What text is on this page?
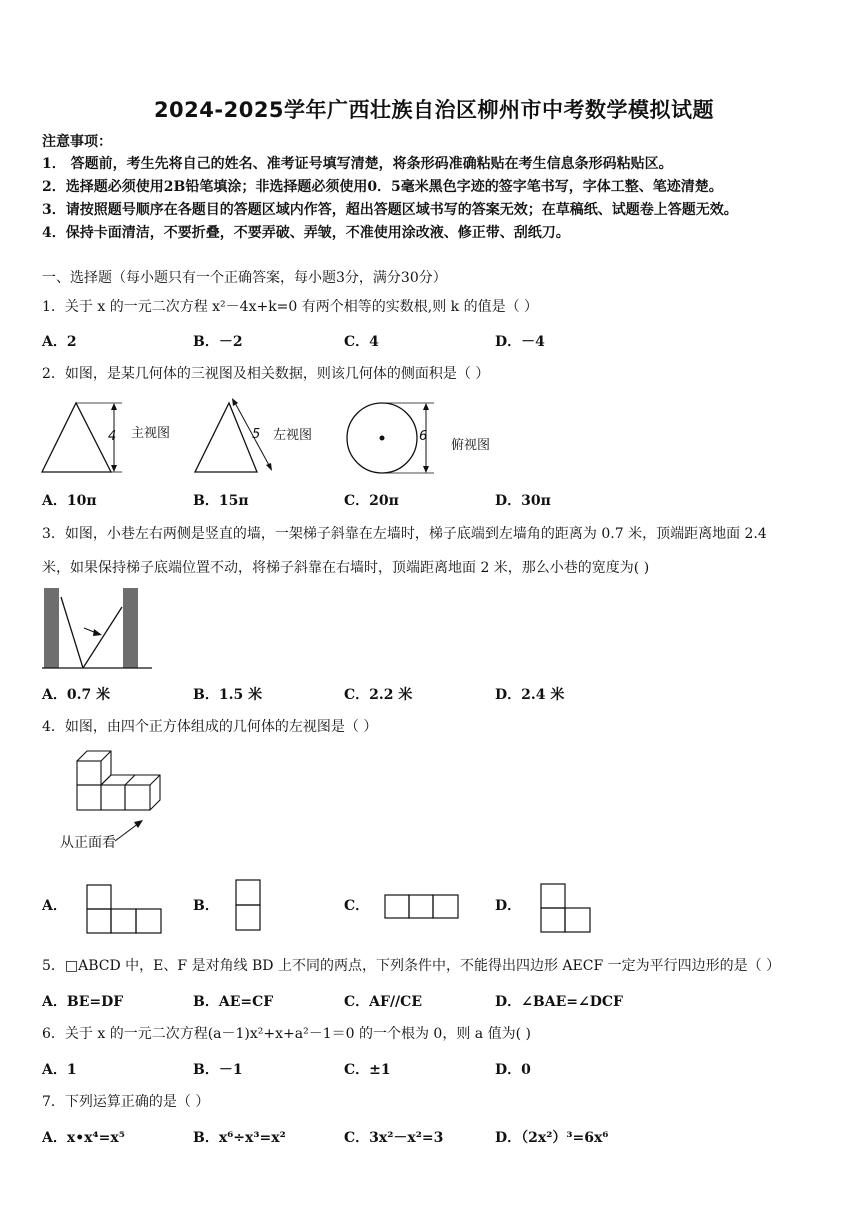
2024-2025学年广西壮族自治区柳州市中考数学模拟试题
注意事项：
1． 答题前，考生先将自己的姓名、准考证号填写清楚，将条形码准确粘贴在考生信息条形码粘贴区。
2．选择题必须使用2B铅笔填涂；非选择题必须使用0．5毫米黑色字迹的签字笔书写，字体工整、笔迹清楚。
3．请按照题号顺序在各题目的答题区域内作答，超出答题区域书写的答案无效；在草稿纸、试题卷上答题无效。
4．保持卡面清洁，不要折叠，不要弄破、弄皱，不准使用涂改液、修正带、刮纸刀。
一、选择题（每小题只有一个正确答案，每小题3分，满分30分）
1．关于 x 的一元二次方程 x²－4x+k=0 有两个相等的实数根,则 k 的值是（ ）
A．2	B．－2	C．4	D．－4
2．如图，是某几何体的三视图及相关数据，则该几何体的侧面积是（ ）
4 主视图	5 左视图	6
俯视图
A．10π	B．15π	C．20π	D．30π
3．如图，小巷左右两侧是竖直的墙，一架梯子斜靠在左墙时，梯子底端到左墙角的距离为 0.7 米，顶端距离地面 2.4
米，如果保持梯子底端位置不动，将梯子斜靠在右墙时，顶端距离地面 2 米，那么小巷的宽度为( )
A．0.7 米	B．1.5 米	C．2.2 米	D．2.4 米
4．如图，由四个正方体组成的几何体的左视图是（ ）
从正面看
A．	B．	C．	D．
5．□ABCD 中，E、F 是对角线 BD 上不同的两点，下列条件中，不能得出四边形 AECF 一定为平行四边形的是（ ）
A．BE=DF	B．AE=CF	C．AF//CE	D．∠BAE=∠DCF
6．关于 x 的一元二次方程(a－1)x²+x+a²－1＝0 的一个根为 0，则 a 值为( )
A．1	B．－1	C．±1	D．0
7．下列运算正确的是（ ）
A．x•x⁴=x⁵	B．x⁶÷x³=x²	C．3x²－x²=3	D．（2x²）³=6x⁶
